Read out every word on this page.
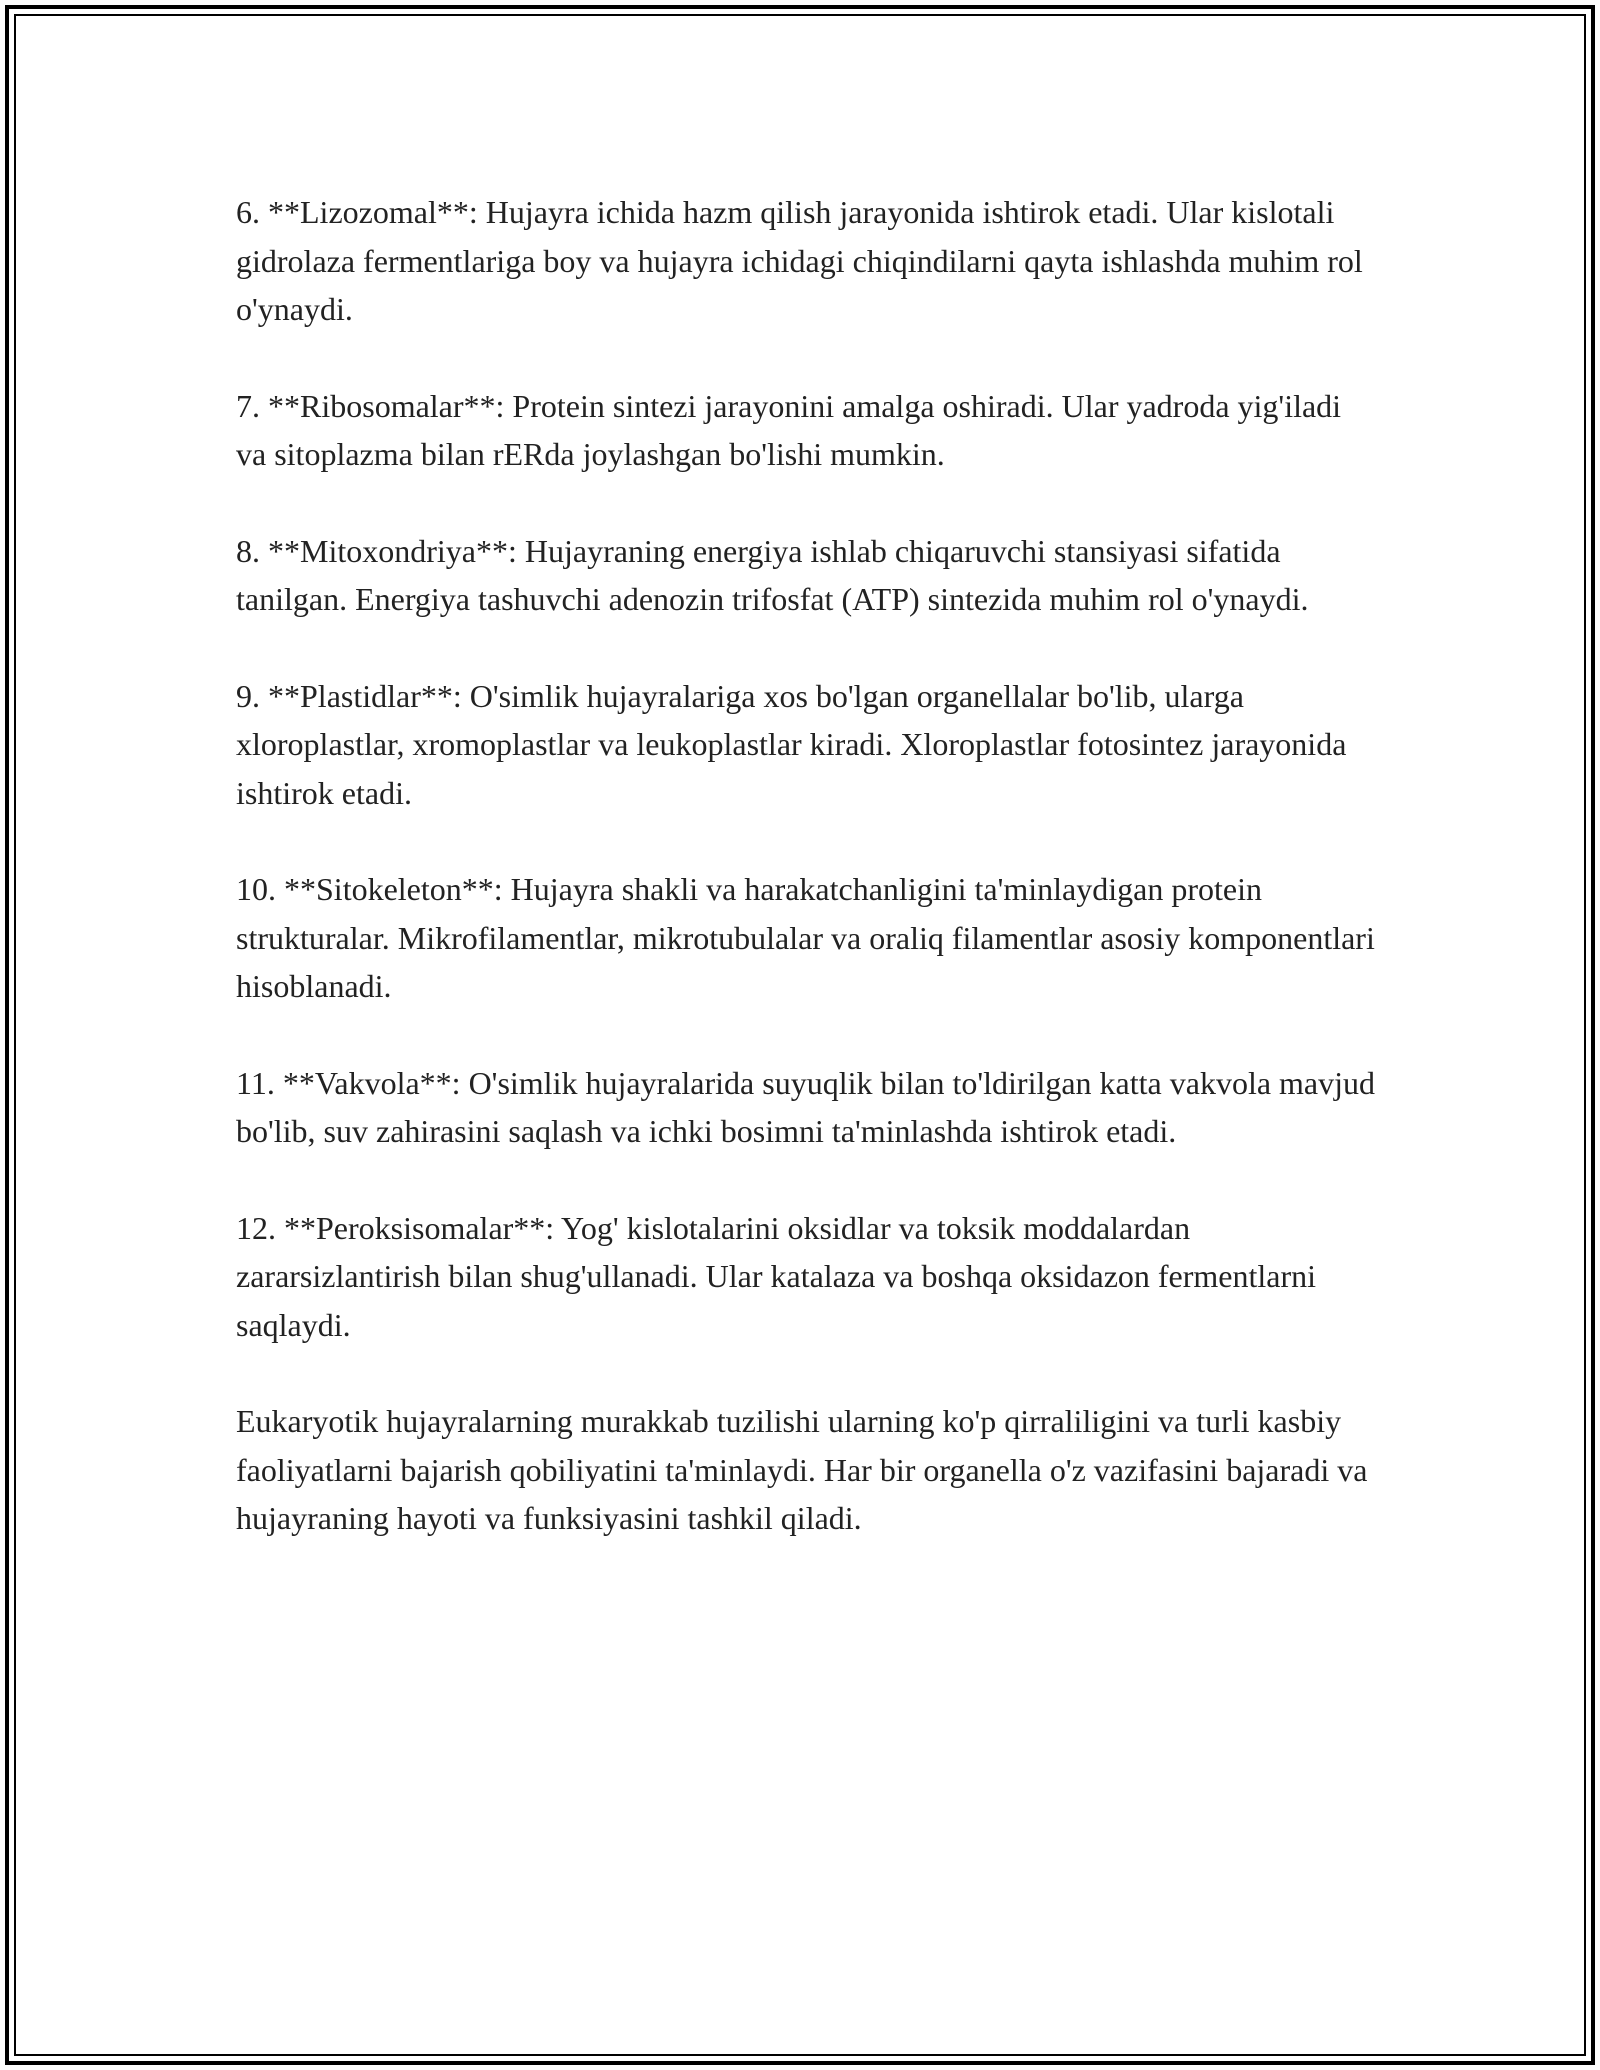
6. **Lizozomal**: Hujayra ichida hazm qilish jarayonida ishtirok etadi. Ular kislotali gidrolaza fermentlariga boy va hujayra ichidagi chiqindilarni qayta ishlashda muhim rol o'ynaydi.

7. **Ribosomalar**: Protein sintezi jarayonini amalga oshiradi. Ular yadroda yig'iladi va sitoplazma bilan rERda joylashgan bo'lishi mumkin.

8. **Mitoxondriya**: Hujayraning energiya ishlab chiqaruvchi stansiyasi sifatida tanilgan. Energiya tashuvchi adenozin trifosfat (ATP) sintezida muhim rol o'ynaydi.

9. **Plastidlar**: O'simlik hujayralariga xos bo'lgan organellalar bo'lib, ularga xloroplastlar, xromoplastlar va leukoplastlar kiradi. Xloroplastlar fotosintez jarayonida ishtirok etadi.

10. **Sitokeleton**: Hujayra shakli va harakatchanligini ta'minlaydigan protein strukturalar. Mikrofilamentlar, mikrotubulalar va oraliq filamentlar asosiy komponentlari hisoblanadi.

11. **Vakvola**: O'simlik hujayralarida suyuqlik bilan to'ldirilgan katta vakvola mavjud bo'lib, suv zahirasini saqlash va ichki bosimni ta'minlashda ishtirok etadi.

12. **Peroksisomalar**: Yog' kislotalarini oksidlar va toksik moddalardan zararsizlantirish bilan shug'ullanadi. Ular katalaza va boshqa oksidazon fermentlarni saqlaydi.

Eukaryotik hujayralarning murakkab tuzilishi ularning ko'p qirraliligini va turli kasbiy faoliyatlarni bajarish qobiliyatini ta'minlaydi. Har bir organella o'z vazifasini bajaradi va hujayraning hayoti va funksiyasini tashkil qiladi.
